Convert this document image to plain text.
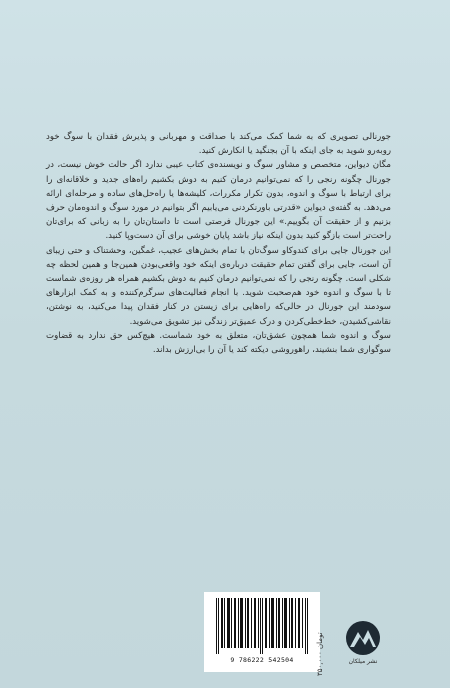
جورنالی تصویری که به شما کمک می‌کند با صداقت و مهربانی و پذیرش فقدان با سوگ خود روبه‌رو شوید به جای اینکه با آن بجنگید یا انکارش کنید.

مگان دیواین، متخصص و مشاور سوگ و نویسنده‌ی کتاب عیبی ندارد اگر حالت خوش نیست، در جورنال چگونه رنجی را که نمی‌توانیم درمان کنیم به دوش بکشیم راه‌های جدید و خلاقانه‌ای را برای ارتباط با سوگ و اندوه، بدون تکرار مکررات، کلیشه‌ها یا راه‌حل‌های ساده و مرحله‌ای ارائه می‌دهد. به گفته‌ی دیواین «قدرتی باورنکردنی می‌یابیم اگر بتوانیم در مورد سوگ و اندوه‌مان حرف بزنیم و از حقیقت آن بگوییم.» این جورنال فرصتی است تا داستان‌تان را به زبانی که برای‌تان راحت‌تر است بازگو کنید بدون اینکه نیاز باشد پایان خوشی برای آن دست‌وپا کنید.

این جورنال جایی برای کندوکاو سوگ‌تان با تمام بخش‌های عجیب، غمگین، وحشتناک و حتی زیبای آن است، جایی برای گفتن تمام حقیقت درباره‌ی اینکه خود واقعی‌بودن همین‌جا و همین لحظه چه شکلی است. چگونه رنجی را که نمی‌توانیم درمان کنیم به دوش بکشیم همراه هر روزه‌ی شماست تا با سوگ و اندوه خود هم‌صحبت شوید. با انجام فعالیت‌های سرگرم‌کننده و به کمک ابزارهای سودمند این جورنال در حالی‌که راه‌هایی برای زیستن در کنار فقدان پیدا می‌کنید، به نوشتن، نقاشی‌کشیدن، خط‌خطی‌کردن و درک عمیق‌تر زندگی نیز تشویق می‌شوید.

سوگ و اندوه شما همچون عشق‌تان، متعلق به خود شماست. هیچ‌کس حق ندارد به قضاوت سوگواری شما بنشیند، راهوروشی دیکته کند یا آن را بی‌ارزش بداند.

9 786222 542504	۳۵۰,۰۰۰ تومان
نشر میلکان
